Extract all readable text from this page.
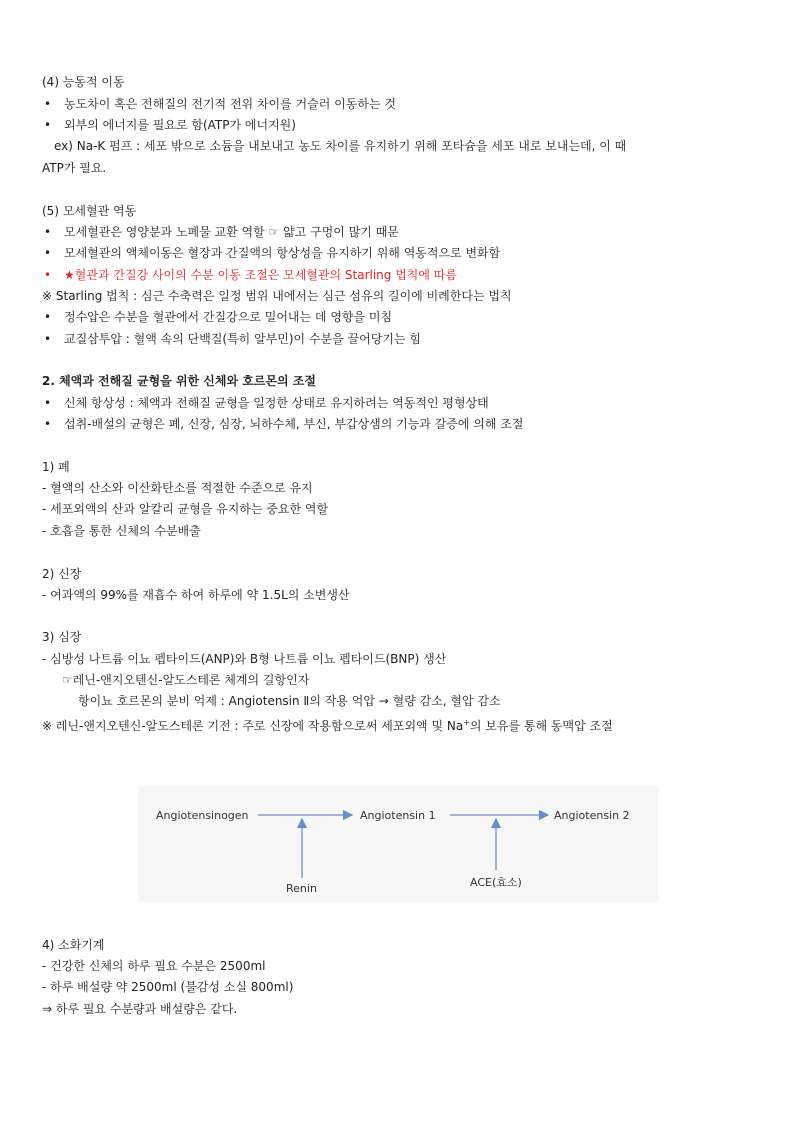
(4) 능동적 이동
• 농도차이 혹은 전해질의 전기적 전위 차이를 거슬러 이동하는 것
• 외부의 에너지를 필요로 함(ATP가 에너지원)
ex) Na-K 펌프 : 세포 밖으로 소듐을 내보내고 농도 차이를 유지하기 위해 포타슘을 세포 내로 보내는데, 이 때
ATP가 필요.
(5) 모세혈관 역동
• 모세혈관은 영양분과 노폐물 교환 역할 ☞ 얇고 구멍이 많기 때문
• 모세혈관의 액체이동은 혈장과 간질액의 항상성을 유지하기 위해 역동적으로 변화함
• ★혈관과 간질강 사이의 수분 이동 조절은 모세혈관의 Starling 법칙에 따름
※ Starling 법칙 : 심근 수축력은 일정 범위 내에서는 심근 섬유의 길이에 비례한다는 법칙
• 정수압은 수분을 혈관에서 간질강으로 밀어내는 데 영향을 미침
• 교질삼투압 : 혈액 속의 단백질(특히 알부민)이 수분을 끌어당기는 힘
2. 체액과 전해질 균형을 위한 신체와 호르몬의 조절
• 신체 항상성 : 체액과 전해질 균형을 일정한 상태로 유지하려는 역동적인 평형상태
• 섭취-배설의 균형은 폐, 신장, 심장, 뇌하수체, 부신, 부갑상샘의 기능과 갈증에 의해 조절
1) 폐
- 혈액의 산소와 이산화탄소를 적절한 수준으로 유지
- 세포외액의 산과 알칼리 균형을 유지하는 중요한 역할
- 호흡을 통한 신체의 수분배출
2) 신장
- 여과액의 99%를 재흡수 하여 하루에 약 1.5L의 소변생산
3) 심장
- 심방성 나트륨 이뇨 펩타이드(ANP)와 B형 나트륨 이뇨 펩타이드(BNP) 생산
☞레닌-앤지오텐신-알도스테론 체계의 길항인자
항이뇨 호르몬의 분비 억제 : Angiotensin Ⅱ의 작용 억압 → 혈량 감소, 혈압 감소
※ 레닌-앤지오텐신-알도스테론 기전 : 주로 신장에 작용함으로써 세포외액 및 Na+의 보유를 통해 동맥압 조절
4) 소화기계
- 건강한 신체의 하루 필요 수분은 2500ml
- 하루 배설량 약 2500ml (불감성 소실 800ml)
⇒ 하루 필요 수분량과 배설량은 같다.
Angiotensinogen	Angiotensin 1	Angiotensin 2
Renin	ACE(효소)
